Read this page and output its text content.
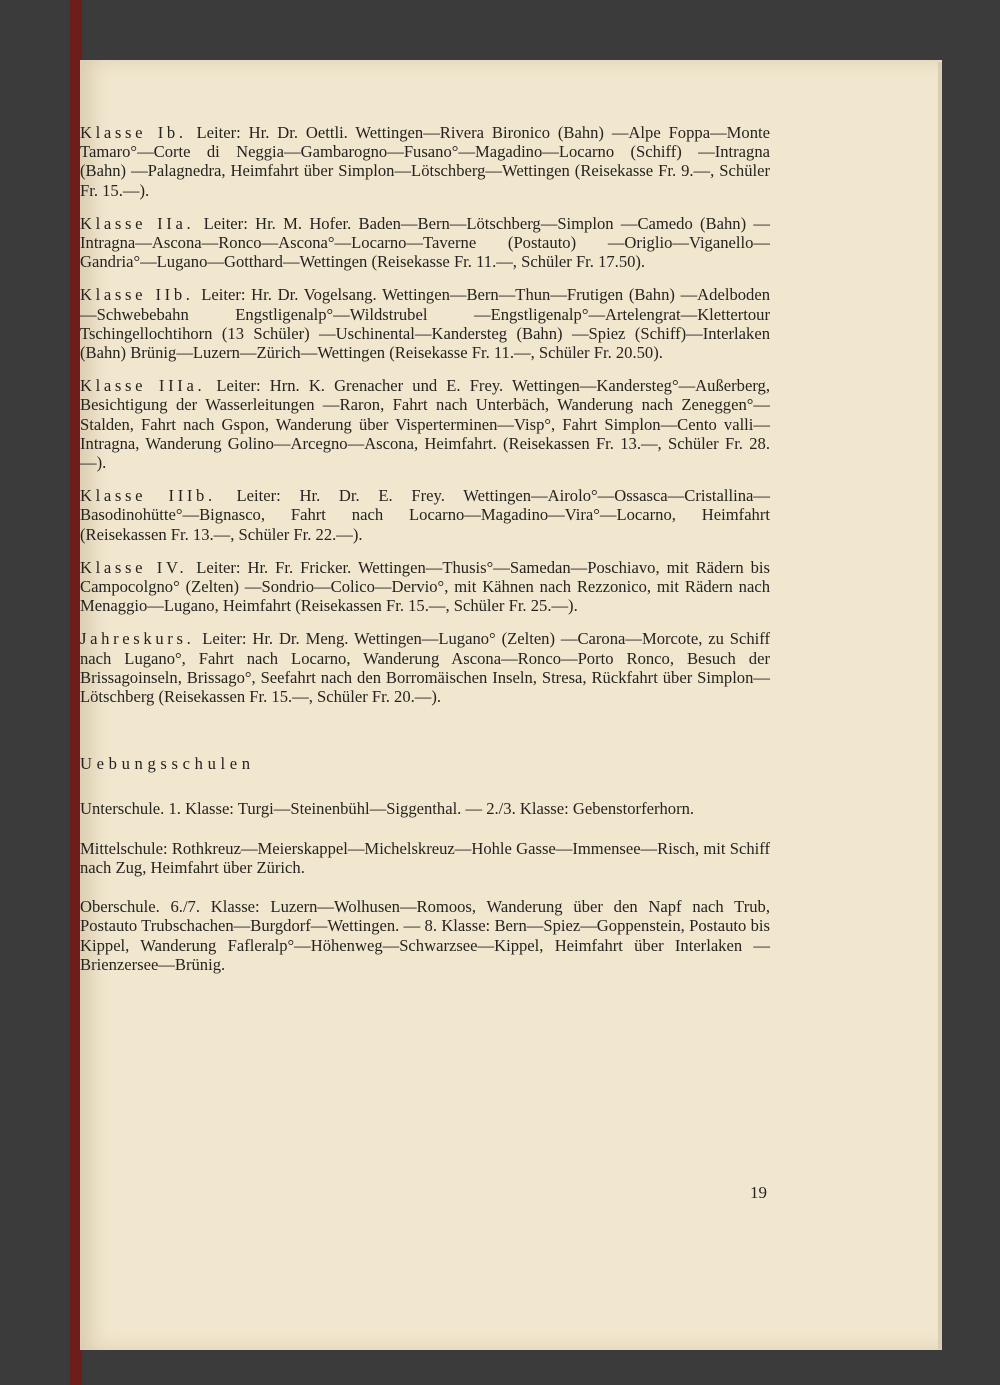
Klasse Ib. Leiter: Hr. Dr. Oettli. Wettingen—Rivera Bironico (Bahn) —Alpe Foppa—Monte Tamaro°—Corte di Neggia—Gambarogno—Fusano°—Magadino—Locarno (Schiff) —Intragna (Bahn) —Palagnedra, Heimfahrt über Simplon—Lötschberg—Wettingen (Reisekasse Fr. 9.—, Schüler Fr. 15.—).

Klasse IIa. Leiter: Hr. M. Hofer. Baden—Bern—Lötschberg—Simplon —Camedo (Bahn) —Intragna—Ascona—Ronco—Ascona°—Locarno—Taverne (Postauto) —Origlio—Viganello—Gandria°—Lugano—Gotthard—Wettingen (Reisekasse Fr. 11.—, Schüler Fr. 17.50).

Klasse IIb. Leiter: Hr. Dr. Vogelsang. Wettingen—Bern—Thun—Frutigen (Bahn) —Adelboden—Schwebebahn Engstligenalp°—Wildstrubel —Engstligenalp°—Artelengrat—Klettertour Tschingellochtihorn (13 Schüler) —Uschinental—Kandersteg (Bahn) —Spiez (Schiff)—Interlaken (Bahn) Brünig—Luzern—Zürich—Wettingen (Reisekasse Fr. 11.—, Schüler Fr. 20.50).

Klasse IIIa. Leiter: Hrn. K. Grenacher und E. Frey. Wettingen—Kandersteg°—Außerberg, Besichtigung der Wasserleitungen —Raron, Fahrt nach Unterbäch, Wanderung nach Zeneggen°—Stalden, Fahrt nach Gspon, Wanderung über Visperterminen—Visp°, Fahrt Simplon—Cento valli—Intragna, Wanderung Golino—Arcegno—Ascona, Heimfahrt. (Reisekassen Fr. 13.—, Schüler Fr. 28.—).

Klasse IIIb. Leiter: Hr. Dr. E. Frey. Wettingen—Airolo°—Ossasca—Cristallina—Basodinohütte°—Bignasco, Fahrt nach Locarno—Magadino—Vira°—Locarno, Heimfahrt (Reisekassen Fr. 13.—, Schüler Fr. 22.—).

Klasse IV. Leiter: Hr. Fr. Fricker. Wettingen—Thusis°—Samedan—Poschiavo, mit Rädern bis Campocolgno° (Zelten) —Sondrio—Colico—Dervio°, mit Kähnen nach Rezzonico, mit Rädern nach Menaggio—Lugano, Heimfahrt (Reisekassen Fr. 15.—, Schüler Fr. 25.—).

Jahreskurs. Leiter: Hr. Dr. Meng. Wettingen—Lugano° (Zelten) —Carona—Morcote, zu Schiff nach Lugano°, Fahrt nach Locarno, Wanderung Ascona—Ronco—Porto Ronco, Besuch der Brissagoinseln, Brissago°, Seefahrt nach den Borromäischen Inseln, Stresa, Rückfahrt über Simplon—Lötschberg (Reisekassen Fr. 15.—, Schüler Fr. 20.—).

Uebungsschulen

Unterschule. 1. Klasse: Turgi—Steinenbühl—Siggenthal. — 2./3. Klasse: Gebenstorferhorn.

Mittelschule: Rothkreuz—Meierskappel—Michelskreuz—Hohle Gasse—Immensee—Risch, mit Schiff nach Zug, Heimfahrt über Zürich.

Oberschule. 6./7. Klasse: Luzern—Wolhusen—Romoos, Wanderung über den Napf nach Trub, Postauto Trubschachen—Burgdorf—Wettingen. — 8. Klasse: Bern—Spiez—Goppenstein, Postauto bis Kippel, Wanderung Fafleralp°—Höhenweg—Schwarzsee—Kippel, Heimfahrt über Interlaken —Brienzersee—Brünig.

19
